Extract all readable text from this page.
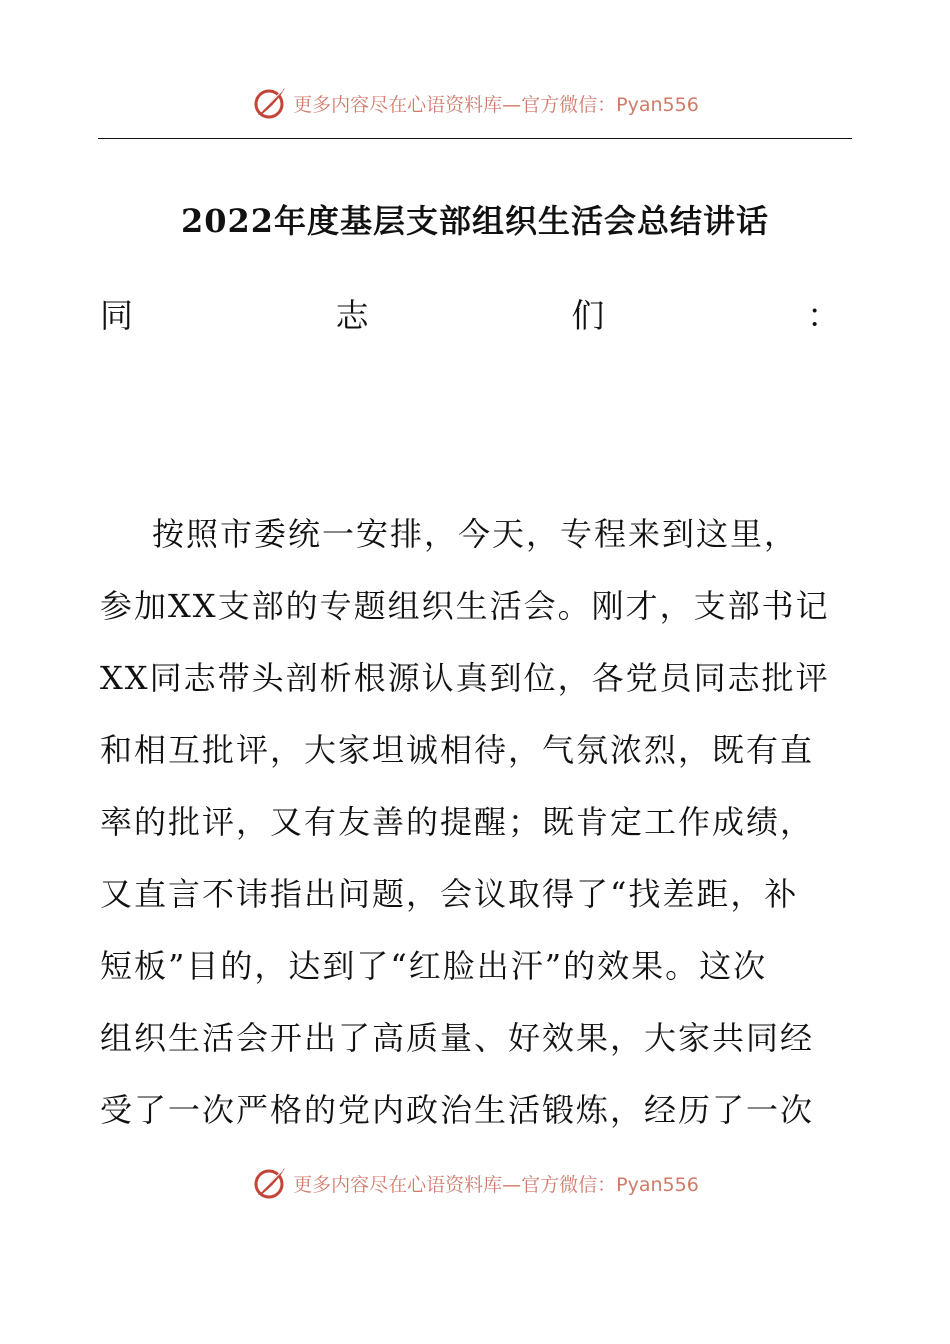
更多内容尽在心语资料库—官方微信：Pyan556
2022年度基层支部组织生活会总结讲话
同	志	们	：
按照市委统一安排，今天，专程来到这里，
参加XX支部的专题组织生活会。刚才，支部书记
XX同志带头剖析根源认真到位，各党员同志批评
和相互批评，大家坦诚相待，气氛浓烈，既有直
率的批评，又有友善的提醒；既肯定工作成绩，
又直言不讳指出问题，会议取得了“找差距，补
短板”目的，达到了“红脸出汗”的效果。这次
组织生活会开出了高质量、好效果，大家共同经
受了一次严格的党内政治生活锻炼，经历了一次
更多内容尽在心语资料库—官方微信：Pyan556
